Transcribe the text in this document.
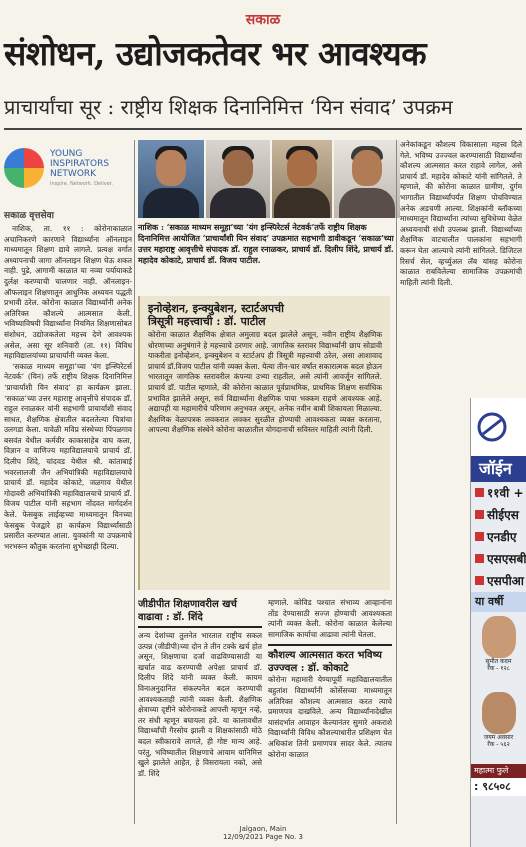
सकाळ
संशोधन, उद्योजकतेवर भर आवश्यक
प्राचार्यांचा सूर : राष्ट्रीय शिक्षक दिनानिमित्त ‘यिन संवाद’ उपक्रम
YOUNG
INSPIRATORS
NETWORK
Inspire. Network. Deliver.
सकाळ वृत्तसेवा

नाशिक, ता. ११ : कोरोनाकाळात अचानिकरणे कारणाने विद्यार्थ्यांना ऑनलाइन माध्यमातून शिक्षण द्यावे लागले. प्रत्यक्ष वर्गात अध्यापनाची जागा ऑनलाइन शिक्षण घेऊ शकत नाही. पुढे, आगामी काळात या नव्या पर्यायाकडे दुर्लक्ष करण्याची चालणार नाही. ऑनलाइन-ऑफलाइन शिक्षणातून आधुनिक अध्ययन पद्धती प्रभावी ठरेल. कोरोना काळात विद्यार्थ्यांनी अनेक अतिरिक्त कौशल्ये आत्मसात केली. भविष्याविषयी विद्यार्थ्यांना नियमित शिक्षणासोबत संशोधन, उद्योजकतेला महत्त्व देणे आवश्यक असेल, असा सूर शनिवारी (ता. ११) विविध महाविद्यालयांच्या प्राचार्यांनी व्यक्त केला.

‘सकाळ माध्यम समूहा’च्या ‘यंग इन्स्पिरेटर्स नेटवर्क’ (यिन) तर्फे राष्ट्रीय शिक्षक दिनानिमित्त ‘प्राचार्यांशी यिन संवाद’ हा कार्यक्रम झाला. ‘सकाळ’च्या उत्तर महाराष्ट्र आवृत्तीचे संपादक डॉ. राहुल रनाळकर यांनी सहभागी प्राचार्यांशी संवाद साधत, शैक्षणिक क्षेत्रातील बदलतेल्या चित्रांचा उलगडा केला. यावेळी मविप्र संस्थेच्या पिंपळगाव बसवंत येथील कर्मवीर काकासाहेब वाघ कला, विज्ञान व वाणिज्य महाविद्यालयाचे प्राचार्य डॉ. दिलीप शिंदे, चांदवड येथील श्री. कांताबाई भवरलालजी जैन अभियांत्रिकी महाविद्यालयाचे प्राचार्य डॉ. महादेव कोकाटे, जळगाव येथील गोदावरी अभियांत्रिकी महाविद्यालयाचे प्राचार्य डॉ. विजय पाटील यांनी सहभाग नोंदवत मार्गदर्शन केले. फेसबुक लाईव्हच्या माध्यमातून यिनच्या फेसबुक पेजद्वारे हा कार्यक्रम विद्यार्थ्यांसाठी प्रसारीत करण्यात आला. युवकांनी या उपक्रमाचे भरभरून कौतुक करतांना शुभेच्छाही दिल्या.

नाशिक : ‘सकाळ माध्यम समूहा’च्या ‘यंग इन्स्पिरेटर्स नेटवर्क’तर्फे राष्ट्रीय शिक्षक दिनानिमित्त आयोजित ‘प्राचार्यांशी यिन संवाद’ उपक्रमात सहभागी डावीकडून ‘सकाळ’च्या उत्तर महाराष्ट्र आवृत्तीचे संपादक डॉ. राहुल रनाळकर, प्राचार्य डॉ. दिलीप शिंदे, प्राचार्य डॉ. महादेव कोकाटे, प्राचार्य डॉ. विजय पाटील.
इनोव्हेशन, इन्क्युबेशन, स्टार्टअपची
त्रिसूत्री महत्त्वाची : डॉ. पाटील
कोरोना काळात शैक्षणिक क्षेत्रात अमुलाग्र बदल झालेले असून, नवीन राष्ट्रीय शैक्षणिक धोरणाच्या अनुषंगाने हे महत्त्वाचे ठरणार आहे. जागतिक स्तरावर विद्यार्थ्यांनी छाप सोडावी याकरीता इनोव्हेशन, इन्क्युबेशन व स्टार्टअप ही त्रिसूत्री महत्त्वाची ठरेल, असा आशावाद प्राचार्य डॉ.विजय पाटील यांनी व्यक्त केला. येत्या तीन-चार वर्षांत सकारात्मक बदल होऊन भारतातून जागतिक स्तरावरील कंपन्या उभ्या राहतील, असे त्यांनी आवर्जून सांगितले. प्राचार्य डॉ. पाटील म्हणाले, की कोरोना काळात पूर्वप्राथमिक, प्राथमिक शिक्षण सर्वाधिक प्रभावित झालेले असून, सर्व विद्यार्थ्यांना शैक्षणिक पाया भक्कम राहणे आवश्यक आहे. अद्यापही या महामारीचे परिणाम अनुभवत असून, अनेक नवीन बाबी शिकायला मिळाल्या. शैक्षणिक वेळापत्रक लवकरात लवकर सुरळीत होण्याची आवश्यकता व्यक्त करताना, आपल्या शैक्षणिक संस्थेने कोरोना काळातील योगदानाची सविस्तर माहिती त्यांनी दिली.
जीडीपीत शिक्षणावरील खर्च वाढावा : डॉ. शिंदे
अन्य देशांच्या तुलनेत भारतात राष्ट्रीय सकल उत्पन्न (जीडीपी)च्या दोन ते तीन टक्के खर्च होत असून, शिक्षणाचा दर्जा वाढविण्यासाठी या खर्चात वाढ करण्याची अपेक्षा प्राचार्य डॉ. दिलीप शिंदे यांनी व्यक्त केली. कायम विनाअनुदानित संकल्पनेत बदल करण्याची आवश्यकताही त्यांनी व्यक्त केली. शैक्षणिक क्षेत्राच्या दृष्टीने कोरोनाकडे आपत्ती म्हणून नव्हे, तर संधी म्हणून बघायला हवे. या कालावधीत विद्यार्थ्यांची गैरसोय झाली व शिक्षकांसाठी मोठे बदल स्वीकारावे लागले, ही गोष्ट मान्य आहे. परंतु, भविष्यातील शिक्षणाचे आयाम यानिमित्त खुले झालेले आहेत, हे विसरायला नको, असे डॉ. शिंदे
म्हणाले. कोविड पश्चात संभाव्य आव्हानांना तोंड देण्यासाठी सज्ज होण्याची आवश्यकता त्यांनी व्यक्त केली. कोरोना काळात केलेल्या सामाजिक कार्याचा आढावा त्यांनी घेतला.
कौशल्य आत्मसात करत भविष्य उज्ज्वल : डॉ. कोकाटे
कोरोना महामारी येण्यापूर्वी महाविद्यालयातील बहुतांश विद्यार्थ्यांनी कोर्सेसच्या माध्यमातून अतिरिक्त कौशल्य आत्मसात करत त्याचे प्रमाणपत्र दाखविले. अन्य विद्यार्थ्यांनादेखील यासंदर्भात आवाहन केल्यानंतर सुमारे अकराशे विद्यार्थ्यांनी विविध कौशल्याधारीत प्रशिक्षण घेत अधिकांश तिनी प्रमाणपत्र सादर केले. त्यातच कोरोना काळात
अनेकांकडून कौशल्य विकासाला महत्त्व दिले गेले. भविष्य उज्ज्वल करण्यासाठी विद्यार्थ्यांना कौशल्य आत्मसात करत राहावे लागेल, असे प्राचार्य डॉ. महादेव कोकाटे यांनी सांगितले. ते म्हणाले, की कोरोना काळात ग्रामीण, दुर्गम भागातील विद्यार्थ्यांपर्यंत शिक्षण पोचविण्यात अनेक अडचणी आल्या. शिक्षकांनी ब्लॉकच्या माध्यमातून विद्यार्थ्यांना त्यांच्या सुविधेच्या वेळेत अध्ययनाची संधी उपलब्ध झाली. विद्यार्थ्यांच्या शैक्षणिक वाटचालीत पालकांना सहभागी करून घेता आल्याचे त्यांनी सांगितले. डिजिटल रिसर्च सेल, व्हर्च्युअल लॅब यांसह कोरोना काळात राबविलेल्या सामाजिक उपक्रमांची माहिती त्यांनी दिली.
जॉईन
११वी +
सीईएस
एनडीए
एसएसबी
एसपीआ
या वर्षी
सुमीत कदम
रँक - १२८
जयम अवसार
रँक - ५६२
महात्मा फुले
: ९८५०८
Jalgaon, Main
12/09/2021 Page No. 3
